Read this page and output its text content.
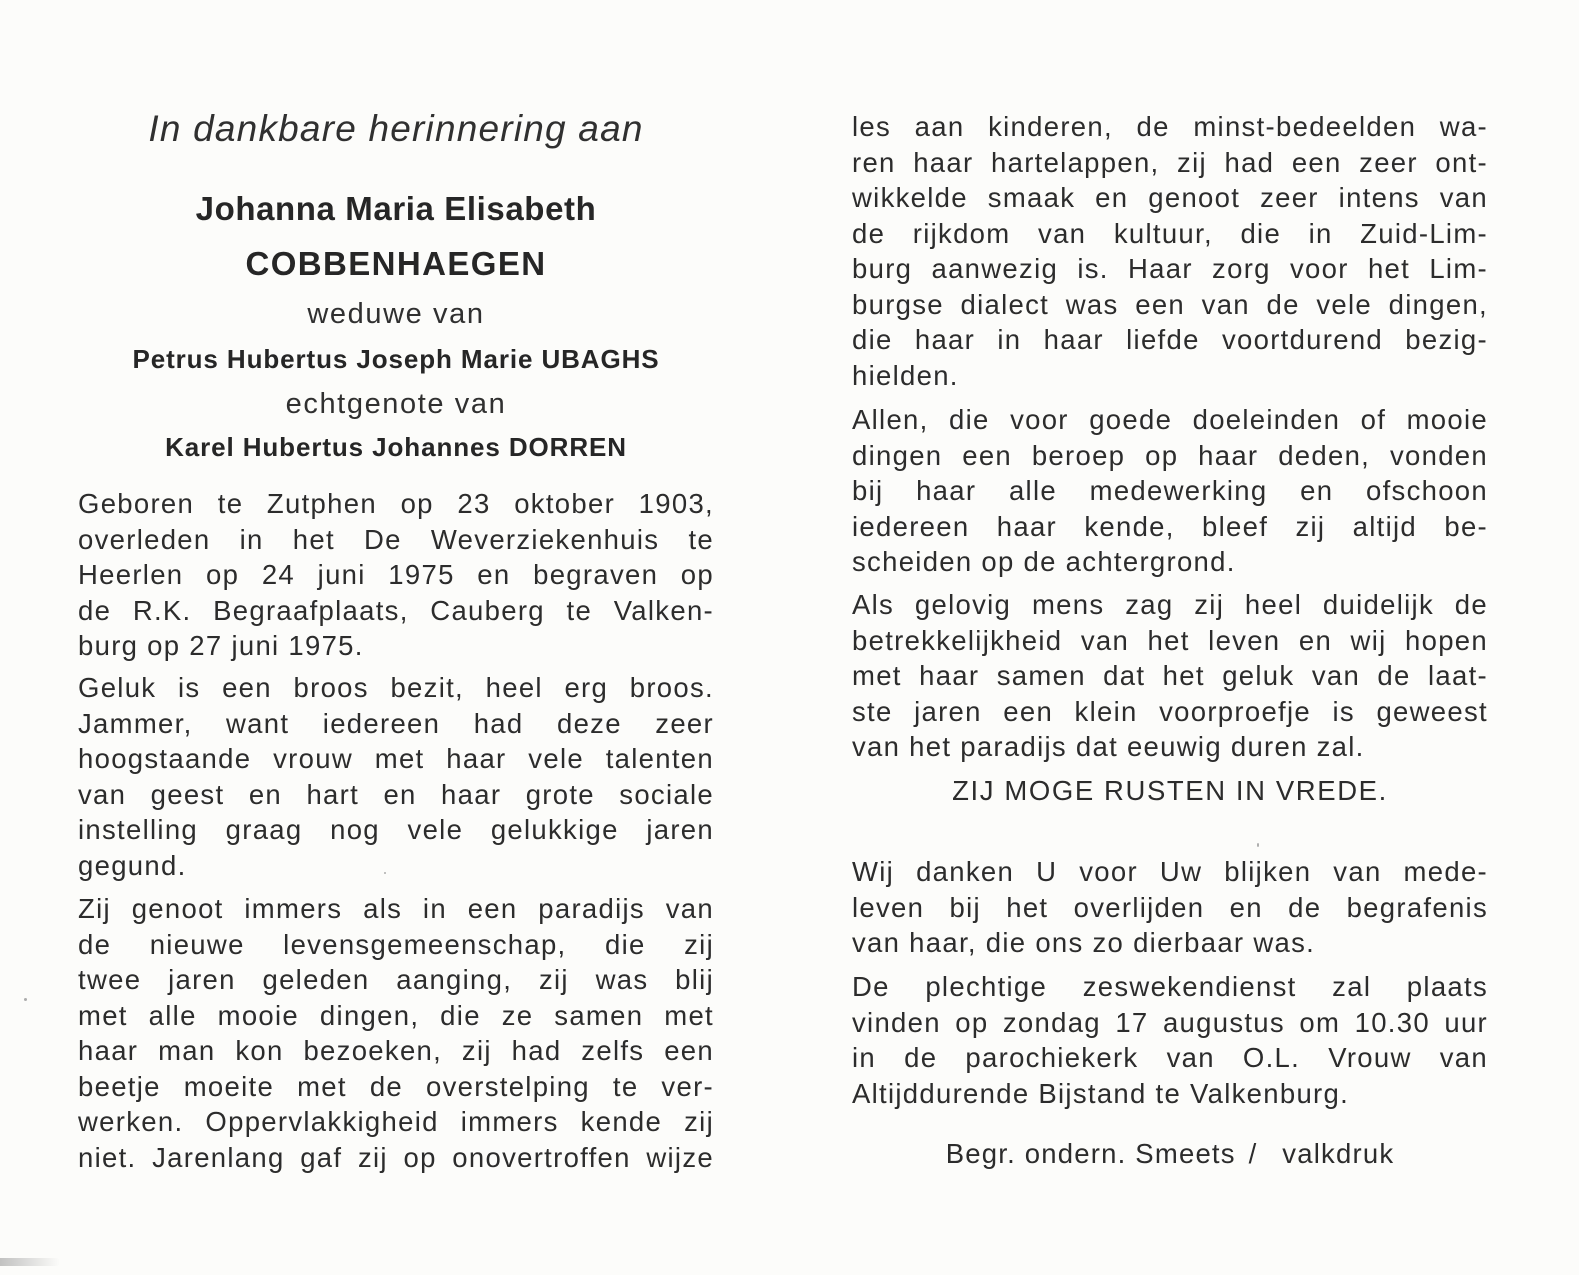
In dankbare herinnering aan
Johanna Maria Elisabeth
COBBENHAEGEN
weduwe van
Petrus Hubertus Joseph Marie UBAGHS
echtgenote van
Karel Hubertus Johannes DORREN
Geboren te Zutphen op 23 oktober 1903,
overleden in het De Weverziekenhuis te
Heerlen op 24 juni 1975 en begraven op
de R.K. Begraafplaats, Cauberg te Valken-
burg op 27 juni 1975.
Geluk is een broos bezit, heel erg broos.
Jammer, want iedereen had deze zeer
hoogstaande vrouw met haar vele talenten
van geest en hart en haar grote sociale
instelling graag nog vele gelukkige jaren
gegund.
Zij genoot immers als in een paradijs van
de nieuwe levensgemeenschap, die zij
twee jaren geleden aanging, zij was blij
met alle mooie dingen, die ze samen met
haar man kon bezoeken, zij had zelfs een
beetje moeite met de overstelping te ver-
werken. Oppervlakkigheid immers kende zij
niet. Jarenlang gaf zij op onovertroffen wijze
les aan kinderen, de minst-bedeelden wa-
ren haar hartelappen, zij had een zeer ont-
wikkelde smaak en genoot zeer intens van
de rijkdom van kultuur, die in Zuid-Lim-
burg aanwezig is. Haar zorg voor het Lim-
burgse dialect was een van de vele dingen,
die haar in haar liefde voortdurend bezig-
hielden.
Allen, die voor goede doeleinden of mooie
dingen een beroep op haar deden, vonden
bij haar alle medewerking en ofschoon
iedereen haar kende, bleef zij altijd be-
scheiden op de achtergrond.
Als gelovig mens zag zij heel duidelijk de
betrekkelijkheid van het leven en wij hopen
met haar samen dat het geluk van de laat-
ste jaren een klein voorproefje is geweest
van het paradijs dat eeuwig duren zal.
ZIJ MOGE RUSTEN IN VREDE.
Wij danken U voor Uw blijken van mede-
leven bij het overlijden en de begrafenis
van haar, die ons zo dierbaar was.
De plechtige zeswekendienst zal plaats
vinden op zondag 17 augustus om 10.30 uur
in de parochiekerk van O.L. Vrouw van
Altijddurende Bijstand te Valkenburg.
Begr. ondern. Smeets / valkdruk
